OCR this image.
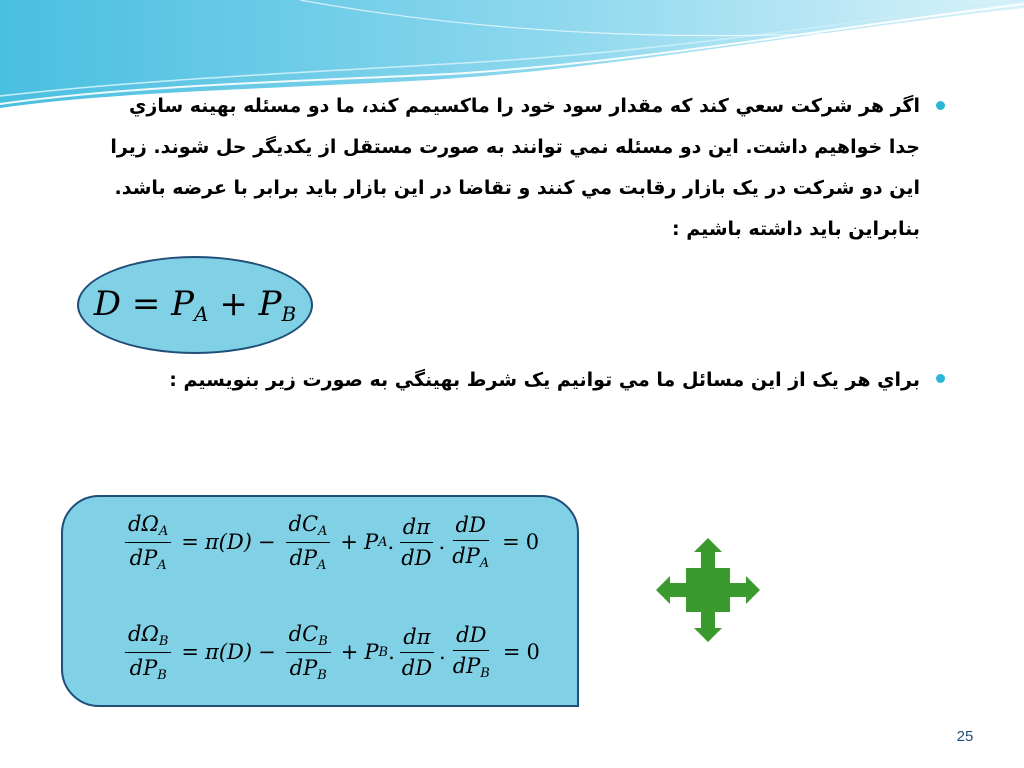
اگر هر شرکت سعي کند که مقدار سود خود را ماکسيمم کند، ما دو مسئله بهينه سازي
جدا خواهيم داشت. اين دو مسئله نمي توانند به صورت مستقل از يکديگر حل شوند. زيرا
اين دو شرکت در يک بازار رقابت مي کنند و تقاضا در اين بازار بايد برابر با عرضه باشد.
بنابراين بايد داشته باشيم :
$D = P_A + P_B$
براي هر يک از اين مسائل ما مي توانيم يک شرط بهينگي به صورت زير بنويسيم :
$\frac{d\Omega_A}{dP_A} = \pi(D) - \frac{dC_A}{dP_A} + P$ A . $\frac{d\pi}{dD}$ . $\frac{dD}{dP_A} = 0$
$\frac{d\Omega_B}{dP_B} = \pi(D) - \frac{dC_B}{dP_B} + P$ B . $\frac{d\pi}{dD}$ . $\frac{dD}{dP_B} = 0$
25
